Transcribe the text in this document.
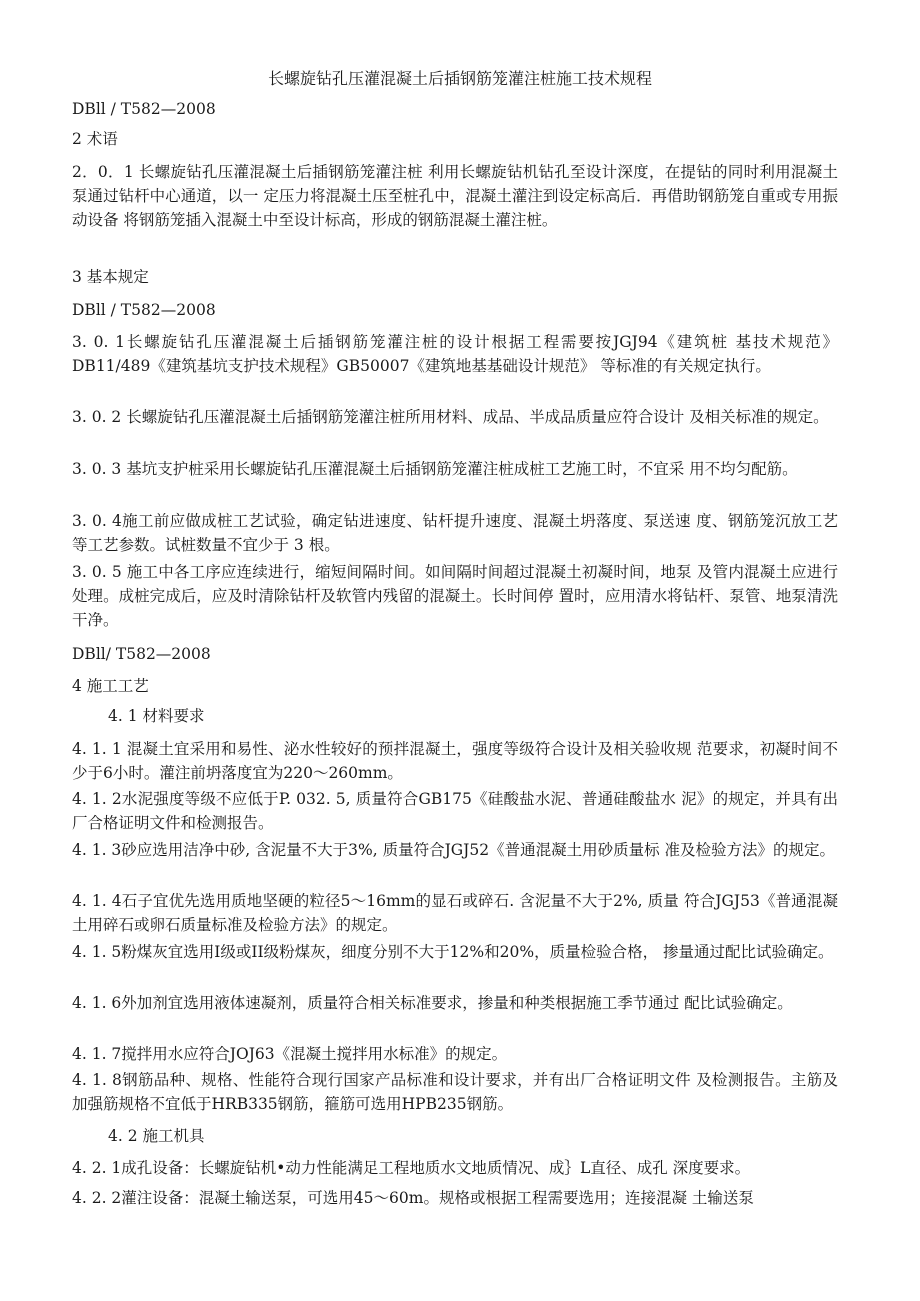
长螺旋钻孔压灌混凝土后插钢筋笼灌注桩施工技术规程
DBll / T582—2008
2 术语
2．0．1 长螺旋钻孔压灌混凝土后插钢筋笼灌注桩 利用长螺旋钻机钻孔至设计深度，在提钻的同时利用混凝土泵通过钻杆中心通道，以一 定压力将混凝土压至桩孔中，混凝土灌注到设定标高后．再借助钢筋笼自重或专用振动设备 将钢筋笼插入混凝土中至设计标高，形成的钢筋混凝土灌注桩。
3 基本规定
DBll / T582—2008
3. 0. 1长螺旋钻孔压灌混凝土后插钢筋笼灌注桩的设计根据工程需要按JGJ94《建筑桩 基技术规范》DB11/489《建筑基坑支护技术规程》GB50007《建筑地基基础设计规范》 等标准的有关规定执行。
3. 0. 2 长螺旋钻孔压灌混凝土后插钢筋笼灌注桩所用材料、成品、半成品质量应符合设计 及相关标准的规定。
3. 0. 3 基坑支护桩采用长螺旋钻孔压灌混凝土后插钢筋笼灌注桩成桩工艺施工时，不宜采 用不均匀配筋。
3. 0. 4施工前应做成桩工艺试验，确定钻进速度、钻杆提升速度、混凝土坍落度、泵送速 度、钢筋笼沉放工艺等工艺参数。试桩数量不宜少于 3 根。
3. 0. 5 施工中各工序应连续进行，缩短间隔时间。如间隔时间超过混凝土初凝时间，地泵 及管内混凝土应进行处理。成桩完成后，应及时清除钻杆及软管内残留的混凝土。长时间停 置时，应用清水将钻杆、泵管、地泵清洗干净。
DBll/ T582—2008
4 施工工艺
4. 1 材料要求
4. 1. 1 混凝土宜采用和易性、泌水性较好的预拌混凝土，强度等级符合设计及相关验收规 范要求，初凝时间不少于6小时。灌注前坍落度宜为220〜260mm。
4. 1. 2水泥强度等级不应低于P. 032. 5, 质量符合GB175《硅酸盐水泥、普通硅酸盐水 泥》的规定，并具有出厂合格证明文件和检测报告。
4. 1. 3砂应选用洁净中砂, 含泥量不大于3%, 质量符合JGJ52《普通混凝土用砂质量标 准及检验方法》的规定。
4. 1. 4石子宜优先选用质地坚硬的粒径5〜16mm的显石或碎石. 含泥量不大于2%, 质量 符合JGJ53《普通混凝土用碎石或卵石质量标准及检验方法》的规定。
4. 1. 5粉煤灰宜选用I级或II级粉煤灰，细度分别不大于12%和20%，质量检验合格， 掺量通过配比试验确定。
4. 1. 6外加剂宜选用液体速凝剂，质量符合相关标准要求，掺量和种类根据施工季节通过 配比试验确定。
4. 1. 7搅拌用水应符合JOJ63《混凝土搅拌用水标准》的规定。
4. 1. 8钢筋品种、规格、性能符合现行国家产品标准和设计要求，并有出厂合格证明文件 及检测报告。主筋及加强筋规格不宜低于HRB335钢筋，箍筋可选用HPB235钢筋。
4. 2 施工机具
4. 2. 1成孔设备：长螺旋钻机•动力性能满足工程地质水文地质情况、成｝L直径、成孔 深度要求。
4. 2. 2灌注设备：混凝土输送泵，可选用45〜60m。规格或根据工程需要选用；连接混凝 土输送泵
